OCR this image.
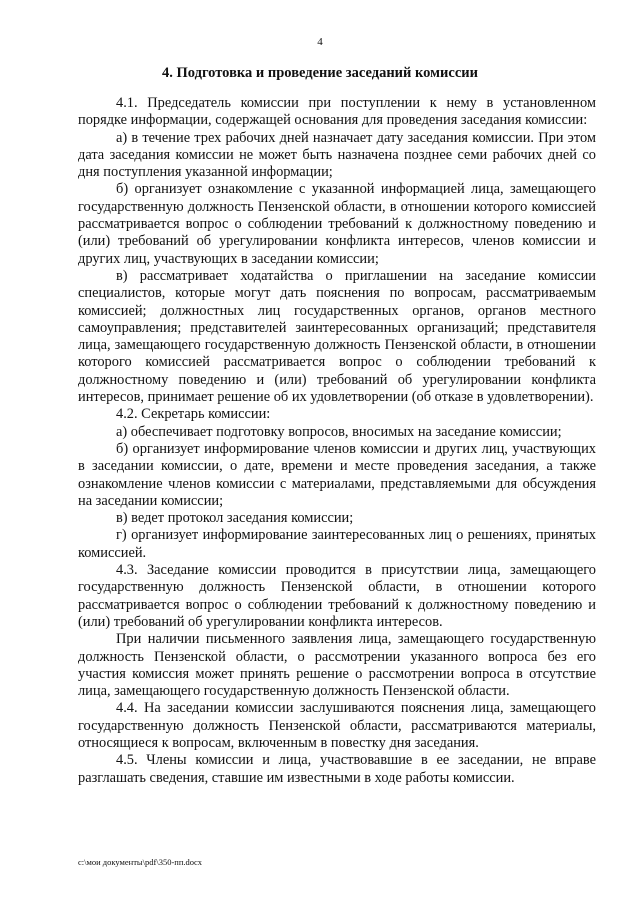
4
4. Подготовка и проведение заседаний комиссии

4.1. Председатель комиссии при поступлении к нему в установленном порядке информации, содержащей основания для проведения заседания комиссии:

а) в течение трех рабочих дней назначает дату заседания комиссии. При этом дата заседания комиссии не может быть назначена позднее семи рабочих дней со дня поступления указанной информации;

б) организует ознакомление с указанной информацией лица, замещающего государственную должность Пензенской области, в отношении которого комиссией рассматривается вопрос о соблюдении требований к должностному поведению и (или) требований об урегулировании конфликта интересов, членов комиссии и других лиц, участвующих в заседании комиссии;

в) рассматривает ходатайства о приглашении на заседание комиссии специалистов, которые могут дать пояснения по вопросам, рассматриваемым комиссией; должностных лиц государственных органов, органов местного самоуправления; представителей заинтересованных организаций; представителя лица, замещающего государственную должность Пензенской области, в отношении которого комиссией рассматривается вопрос о соблюдении требований к должностному поведению и (или) требований об урегулировании конфликта интересов, принимает решение об их удовлетворении (об отказе в удовлетворении).

4.2. Секретарь комиссии:

а) обеспечивает подготовку вопросов, вносимых на заседание комиссии;

б) организует информирование членов комиссии и других лиц, участвующих в заседании комиссии, о дате, времени и месте проведения заседания, а также ознакомление членов комиссии с материалами, представляемыми для обсуждения на заседании комиссии;

в) ведет протокол заседания комиссии;

г) организует информирование заинтересованных лиц о решениях, принятых комиссией.

4.3. Заседание комиссии проводится в присутствии лица, замещающего государственную должность Пензенской области, в отношении которого рассматривается вопрос о соблюдении требований к должностному поведению и (или) требований об урегулировании конфликта интересов.

При наличии письменного заявления лица, замещающего государственную должность Пензенской области, о рассмотрении указанного вопроса без его участия комиссия может принять решение о рассмотрении вопроса в отсутствие лица, замещающего государственную должность Пензенской области.

4.4. На заседании комиссии заслушиваются пояснения лица, замещающего государственную должность Пензенской области, рассматриваются материалы, относящиеся к вопросам, включенным в повестку дня заседания.

4.5. Члены комиссии и лица, участвовавшие в ее заседании, не вправе разглашать сведения, ставшие им известными в ходе работы комиссии.

c:\мои документы\pdf\350-пп.docx
